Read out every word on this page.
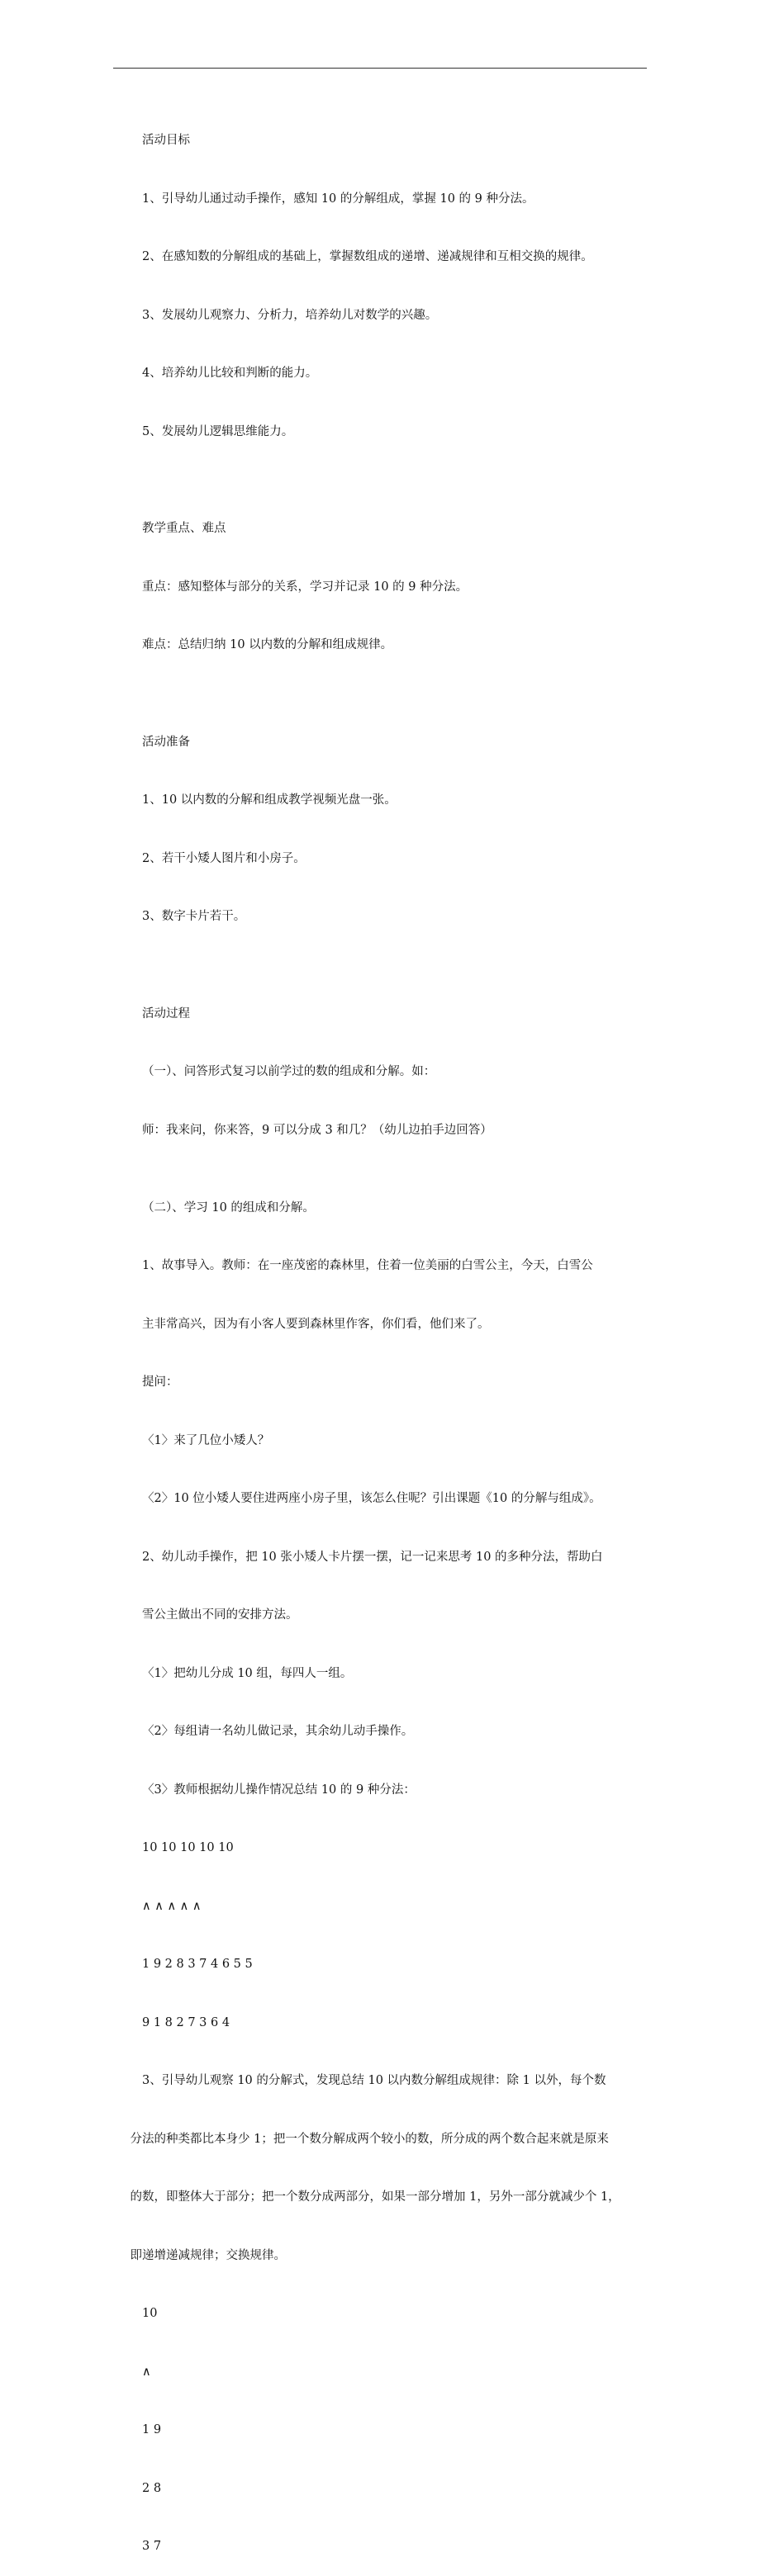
活动目标

1、引导幼儿通过动手操作，感知 10 的分解组成，掌握 10 的 9 种分法。

2、在感知数的分解组成的基础上，掌握数组成的递增、递减规律和互相交换的规律。

3、发展幼儿观察力、分析力，培养幼儿对数学的兴趣。

4、培养幼儿比较和判断的能力。

5、发展幼儿逻辑思维能力。

教学重点、难点

重点：感知整体与部分的关系，学习并记录 10 的 9 种分法。

难点：总结归纳 10 以内数的分解和组成规律。

活动准备

1、10 以内数的分解和组成教学视频光盘一张。

2、若干小矮人图片和小房子。

3、数字卡片若干。

活动过程

（一）、问答形式复习以前学过的数的组成和分解。如：

师：我来问，你来答，9 可以分成 3 和几？（幼儿边拍手边回答）

（二）、学习 10 的组成和分解。

1、故事导入。教师：在一座茂密的森林里，住着一位美丽的白雪公主，今天，白雪公

主非常高兴，因为有小客人要到森林里作客，你们看，他们来了。

提问：

〈1〉来了几位小矮人？

〈2〉10 位小矮人要住进两座小房子里，该怎么住呢？引出课题《10 的分解与组成》。

2、幼儿动手操作，把 10 张小矮人卡片摆一摆，记一记来思考 10 的多种分法，帮助白

雪公主做出不同的安排方法。

〈1〉把幼儿分成 10 组，每四人一组。

〈2〉每组请一名幼儿做记录，其余幼儿动手操作。

〈3〉教师根据幼儿操作情况总结 10 的 9 种分法：

10 10 10 10 10

∧ ∧ ∧ ∧ ∧

1 9 2 8 3 7 4 6 5 5

9 1 8 2 7 3 6 4

3、引导幼儿观察 10 的分解式，发现总结 10 以内数分解组成规律：除 1 以外，每个数

分法的种类都比本身少 1；把一个数分解成两个较小的数，所分成的两个数合起来就是原来

的数，即整体大于部分；把一个数分成两部分，如果一部分增加 1，另外一部分就减少个 1，

即递增递减规律；交换规律。

10

∧

1 9

2 8

3 7
